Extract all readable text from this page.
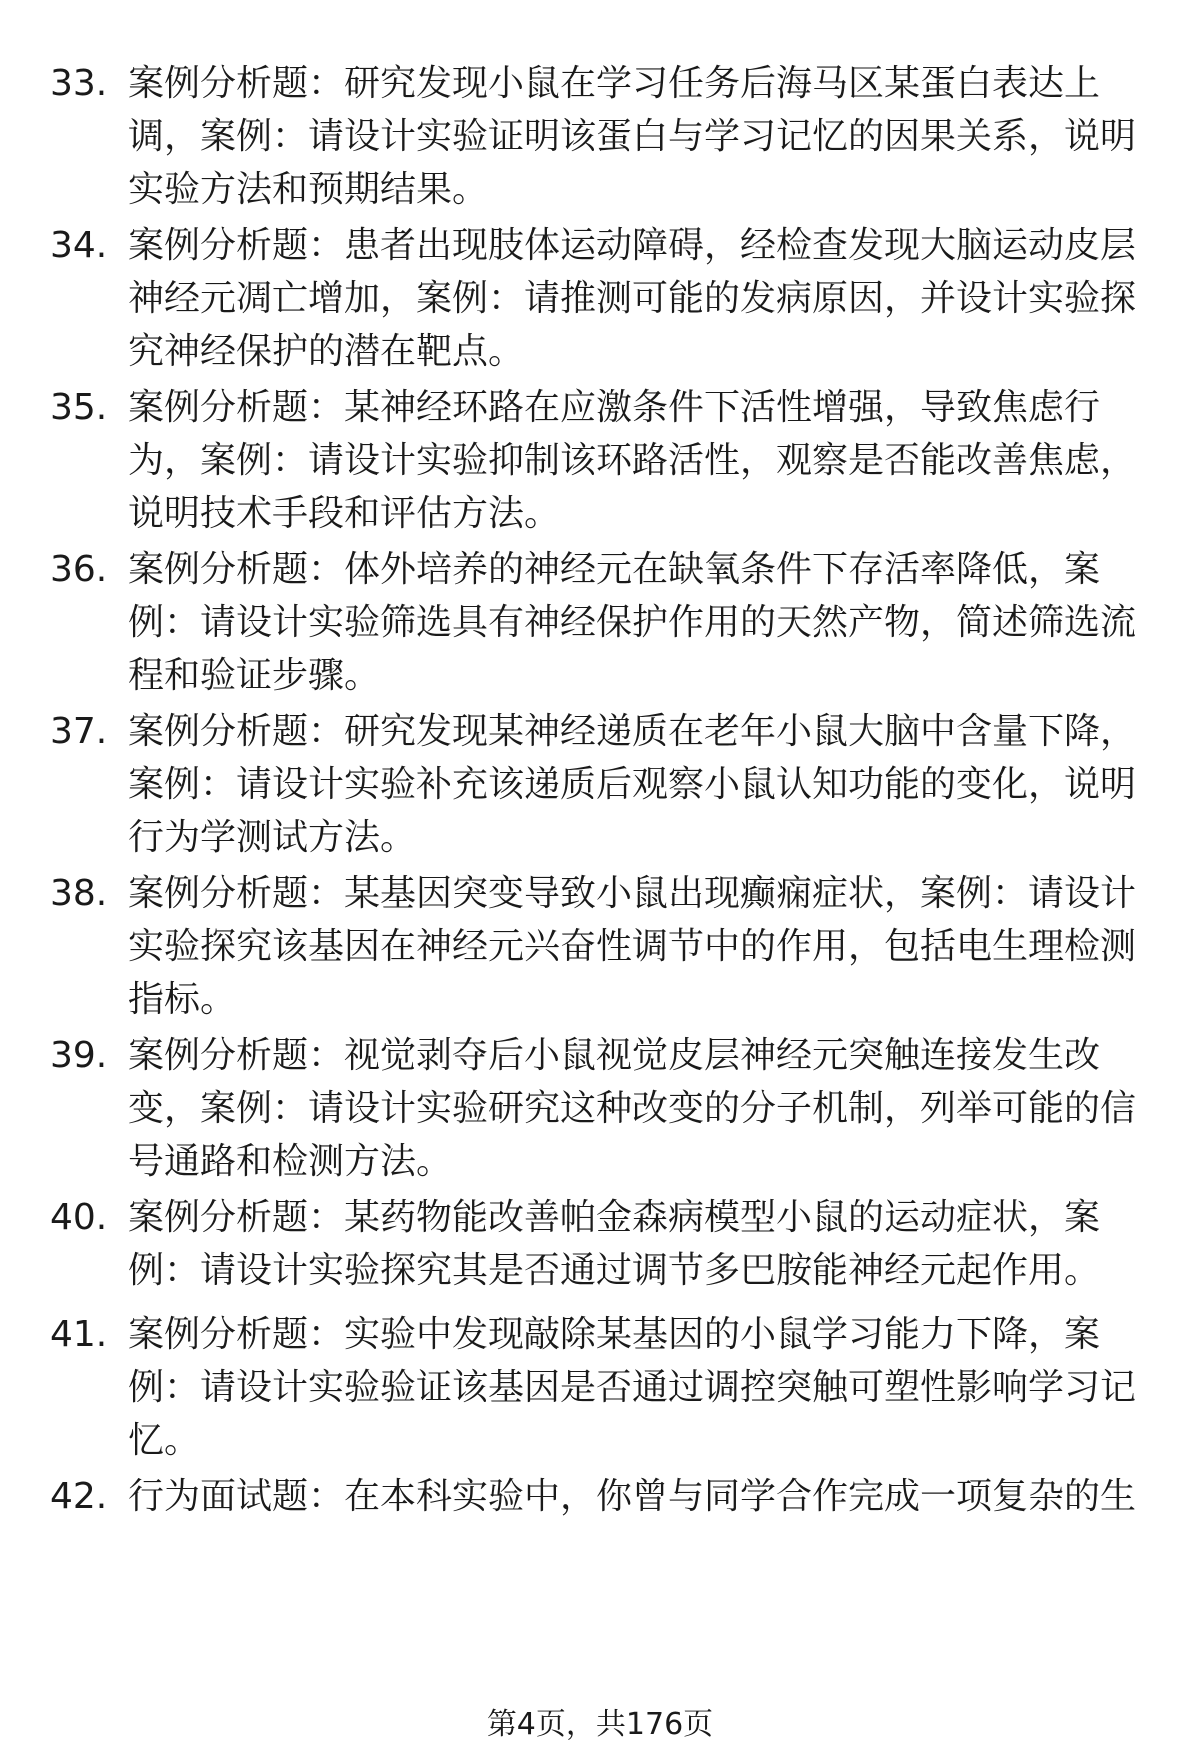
33. 案例分析题：研究发现小鼠在学习任务后海马区某蛋白表达上
调，案例：请设计实验证明该蛋白与学习记忆的因果关系，说明
实验方法和预期结果。
34. 案例分析题：患者出现肢体运动障碍，经检查发现大脑运动皮层
神经元凋亡增加，案例：请推测可能的发病原因，并设计实验探
究神经保护的潜在靶点。
35. 案例分析题：某神经环路在应激条件下活性增强，导致焦虑行
为，案例：请设计实验抑制该环路活性，观察是否能改善焦虑，
说明技术手段和评估方法。
36. 案例分析题：体外培养的神经元在缺氧条件下存活率降低，案
例：请设计实验筛选具有神经保护作用的天然产物，简述筛选流
程和验证步骤。
37. 案例分析题：研究发现某神经递质在老年小鼠大脑中含量下降，
案例：请设计实验补充该递质后观察小鼠认知功能的变化，说明
行为学测试方法。
38. 案例分析题：某基因突变导致小鼠出现癫痫症状，案例：请设计
实验探究该基因在神经元兴奋性调节中的作用，包括电生理检测
指标。
39. 案例分析题：视觉剥夺后小鼠视觉皮层神经元突触连接发生改
变，案例：请设计实验研究这种改变的分子机制，列举可能的信
号通路和检测方法。
40. 案例分析题：某药物能改善帕金森病模型小鼠的运动症状，案
例：请设计实验探究其是否通过调节多巴胺能神经元起作用。
41. 案例分析题：实验中发现敲除某基因的小鼠学习能力下降，案
例：请设计实验验证该基因是否通过调控突触可塑性影响学习记
忆。
42. 行为面试题：在本科实验中，你曾与同学合作完成一项复杂的生
第4页，共176页
